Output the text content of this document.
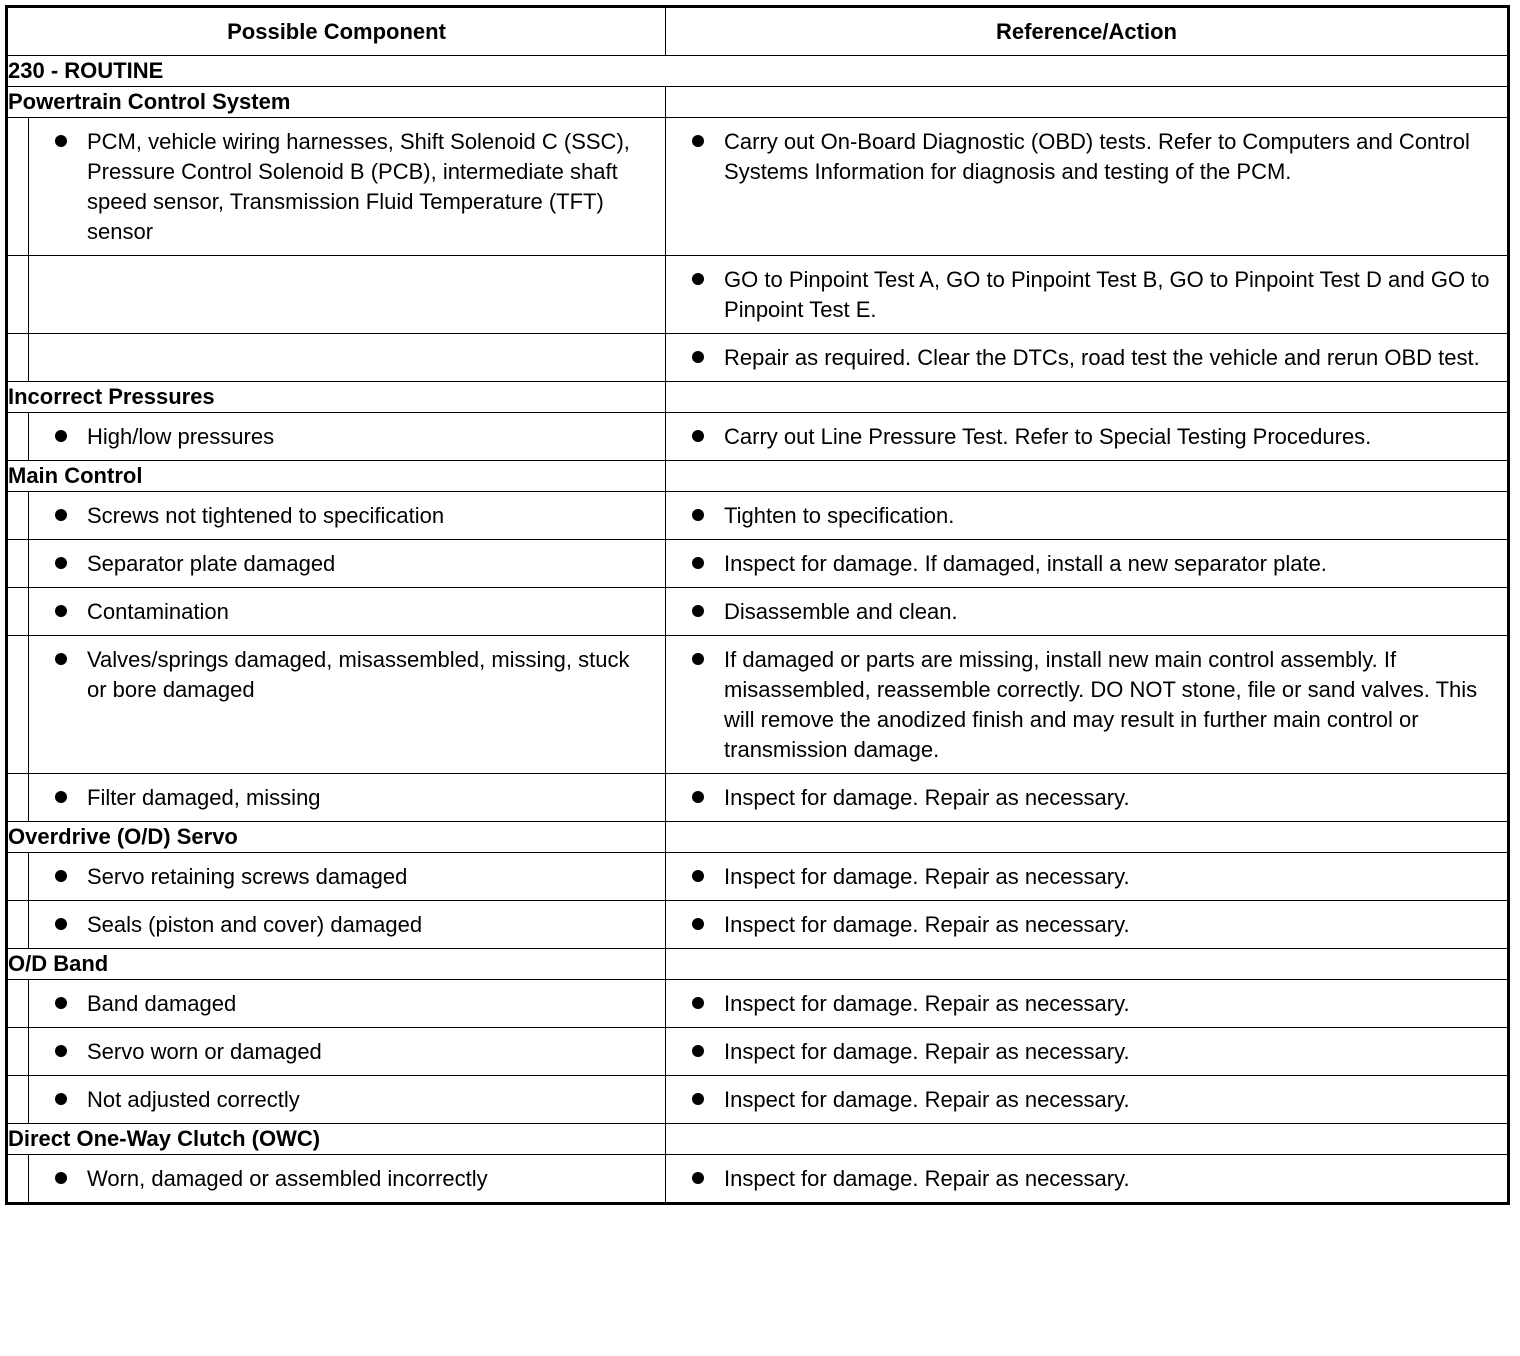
Possible Component		Reference/Action
230 - ROUTINE		
Powertrain Control System		

	PCM, vehicle wiring harnesses, Shift Solenoid C (SSC), Pressure Control Solenoid B (PCB), intermediate shaft speed sensor, Transmission Fluid Temperature (TFT) sensor	Carry out On-Board Diagnostic (OBD) tests. Refer to Computers and Control Systems Information for diagnosis and testing of the PCM.

		GO to Pinpoint Test A, GO to Pinpoint Test B, GO to Pinpoint Test D and GO to Pinpoint Test E.

		Repair as required. Clear the DTCs, road test the vehicle and rerun OBD test.

Incorrect Pressures		

	High/low pressures	Carry out Line Pressure Test. Refer to Special Testing Procedures.

Main Control		

	Screws not tightened to specification	Tighten to specification.

	Separator plate damaged	Inspect for damage. If damaged, install a new separator plate.

	Contamination	Disassemble and clean.

	Valves/springs damaged, misassembled, missing, stuck or bore damaged	If damaged or parts are missing, install new main control assembly. If misassembled, reassemble correctly. DO NOT stone, file or sand valves. This will remove the anodized finish and may result in further main control or transmission damage.

	Filter damaged, missing	Inspect for damage. Repair as necessary.

Overdrive (O/D) Servo		

	Servo retaining screws damaged	Inspect for damage. Repair as necessary.

	Seals (piston and cover) damaged	Inspect for damage. Repair as necessary.

O/D Band		

	Band damaged	Inspect for damage. Repair as necessary.

	Servo worn or damaged	Inspect for damage. Repair as necessary.

	Not adjusted correctly	Inspect for damage. Repair as necessary.

Direct One-Way Clutch (OWC)		

	Worn, damaged or assembled incorrectly	Inspect for damage. Repair as necessary.
